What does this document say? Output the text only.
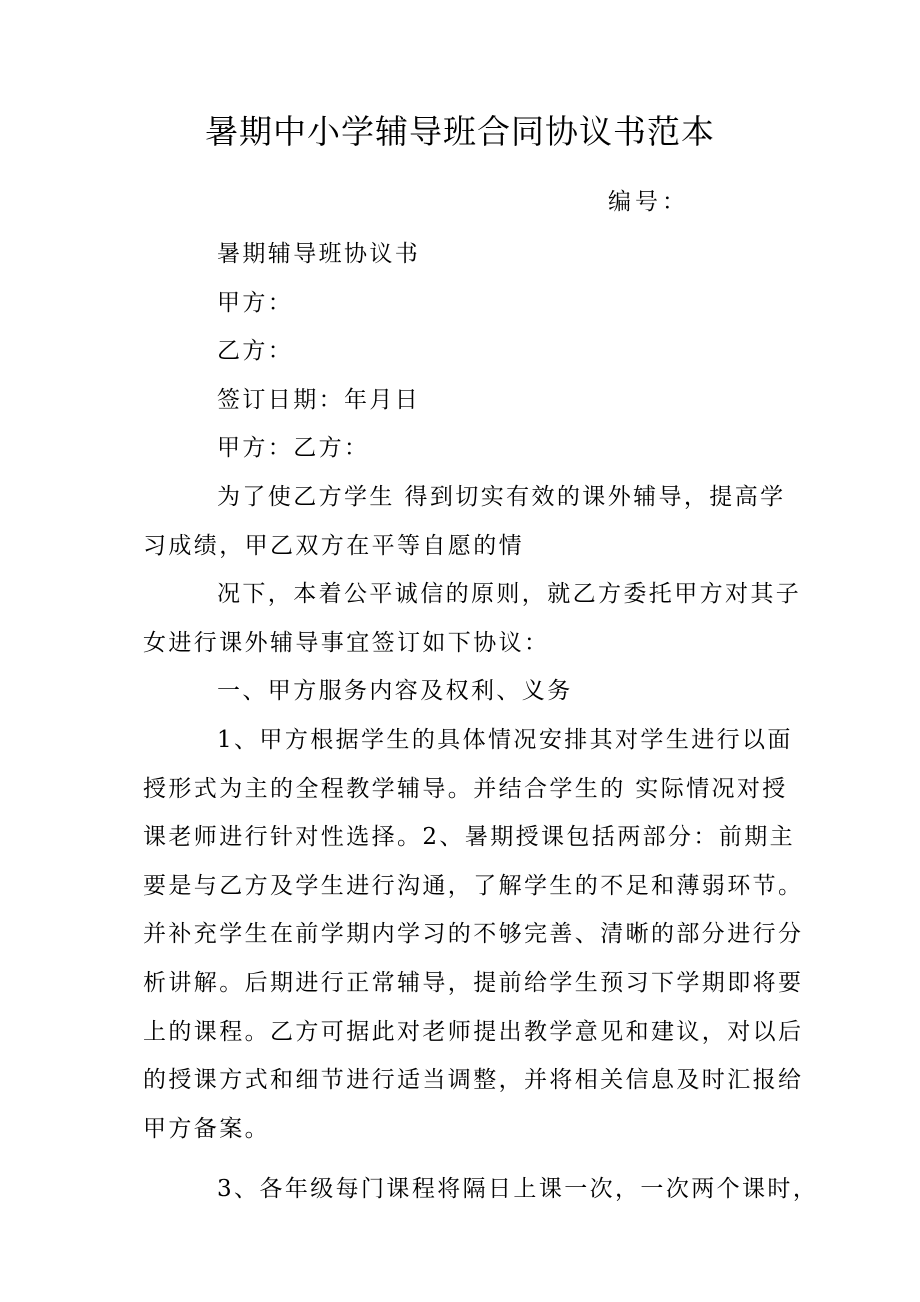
暑期中小学辅导班合同协议书范本
编号：
暑期辅导班协议书
甲方：
乙方：
签订日期：年月日
甲方：乙方：
为了使乙方学生 得到切实有效的课外辅导，提高学
习成绩，甲乙双方在平等自愿的情
况下，本着公平诚信的原则，就乙方委托甲方对其子
女进行课外辅导事宜签订如下协议：
一、甲方服务内容及权利、义务
1、甲方根据学生的具体情况安排其对学生进行以面
授形式为主的全程教学辅导。并结合学生的 实际情况对授
课老师进行针对性选择。2、暑期授课包括两部分：前期主
要是与乙方及学生进行沟通，了解学生的不足和薄弱环节。
并补充学生在前学期内学习的不够完善、清晰的部分进行分
析讲解。后期进行正常辅导，提前给学生预习下学期即将要
上的课程。乙方可据此对老师提出教学意见和建议，对以后
的授课方式和细节进行适当调整，并将相关信息及时汇报给
甲方备案。
3、各年级每门课程将隔日上课一次，一次两个课时，
